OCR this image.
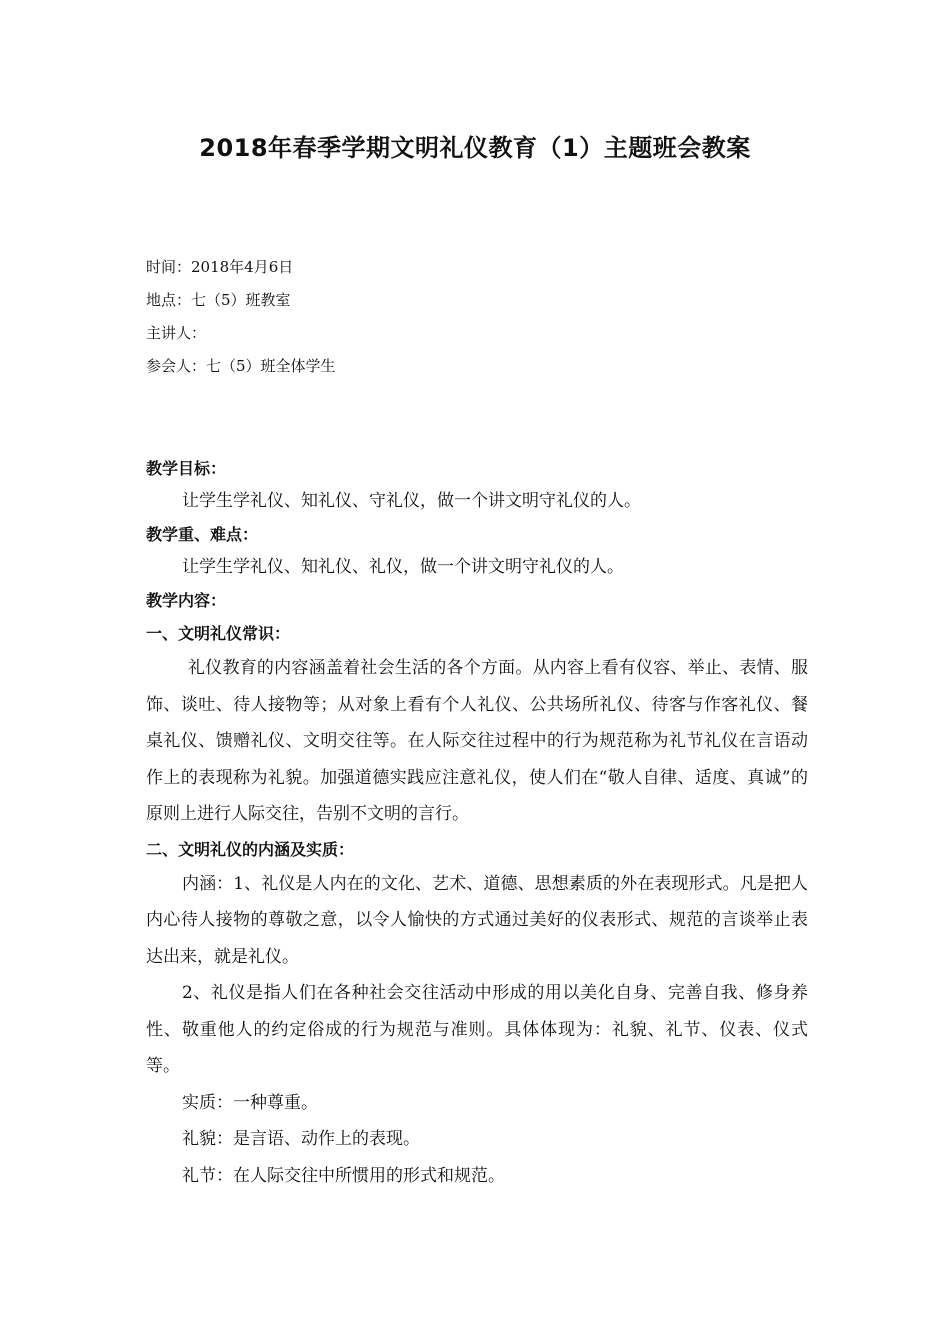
2018年春季学期文明礼仪教育（1）主题班会教案
时间：2018年4月6日
地点：七（5）班教室
主讲人：
参会人：七（5）班全体学生
教学目标：

让学生学礼仪、知礼仪、守礼仪，做一个讲文明守礼仪的人。

教学重、难点：

让学生学礼仪、知礼仪、礼仪，做一个讲文明守礼仪的人。

教学内容：
一、文明礼仪常识：

礼仪教育的内容涵盖着社会生活的各个方面。从内容上看有仪容、举止、表情、服饰、谈吐、待人接物等；从对象上看有个人礼仪、公共场所礼仪、待客与作客礼仪、餐桌礼仪、馈赠礼仪、文明交往等。在人际交往过程中的行为规范称为礼节礼仪在言语动作上的表现称为礼貌。加强道德实践应注意礼仪，使人们在“敬人自律、适度、真诚”的原则上进行人际交往，告别不文明的言行。

二、文明礼仪的内涵及实质：

内涵：1、礼仪是人内在的文化、艺术、道德、思想素质的外在表现形式。凡是把人内心待人接物的尊敬之意，以令人愉快的方式通过美好的仪表形式、规范的言谈举止表达出来，就是礼仪。

2、礼仪是指人们在各种社会交往活动中形成的用以美化自身、完善自我、修身养性、敬重他人的约定俗成的行为规范与准则。具体体现为：礼貌、礼节、仪表、仪式等。

实质：一种尊重。

礼貌：是言语、动作上的表现。

礼节：在人际交往中所惯用的形式和规范。
